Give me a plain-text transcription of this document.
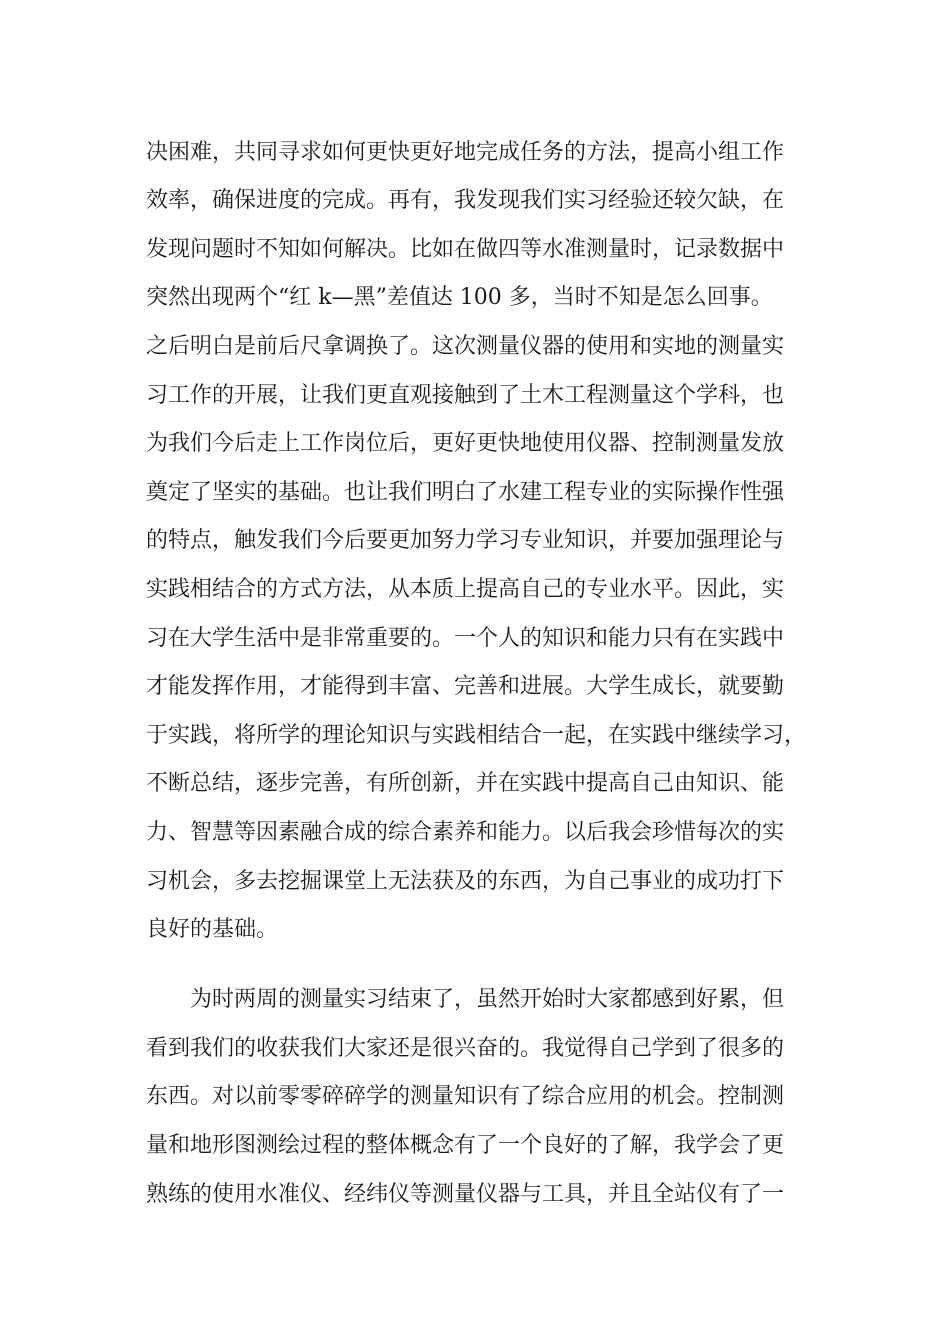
决困难，共同寻求如何更快更好地完成任务的方法，提高小组工作
效率，确保进度的完成。再有，我发现我们实习经验还较欠缺，在
发现问题时不知如何解决。比如在做四等水准测量时，记录数据中
突然出现两个“红 k—黑”差值达 100 多，当时不知是怎么回事。
之后明白是前后尺拿调换了。这次测量仪器的使用和实地的测量实
习工作的开展，让我们更直观接触到了土木工程测量这个学科，也
为我们今后走上工作岗位后，更好更快地使用仪器、控制测量发放
奠定了坚实的基础。也让我们明白了水建工程专业的实际操作性强
的特点，触发我们今后要更加努力学习专业知识，并要加强理论与
实践相结合的方式方法，从本质上提高自己的专业水平。因此，实
习在大学生活中是非常重要的。一个人的知识和能力只有在实践中
才能发挥作用，才能得到丰富、完善和进展。大学生成长，就要勤
于实践，将所学的理论知识与实践相结合一起，在实践中继续学习，
不断总结，逐步完善，有所创新，并在实践中提高自己由知识、能
力、智慧等因素融合成的综合素养和能力。以后我会珍惜每次的实
习机会，多去挖掘课堂上无法获及的东西，为自己事业的成功打下
良好的基础。
为时两周的测量实习结束了，虽然开始时大家都感到好累，但
看到我们的收获我们大家还是很兴奋的。我觉得自己学到了很多的
东西。对以前零零碎碎学的测量知识有了综合应用的机会。控制测
量和地形图测绘过程的整体概念有了一个良好的了解，我学会了更
熟练的使用水准仪、经纬仪等测量仪器与工具，并且全站仪有了一
